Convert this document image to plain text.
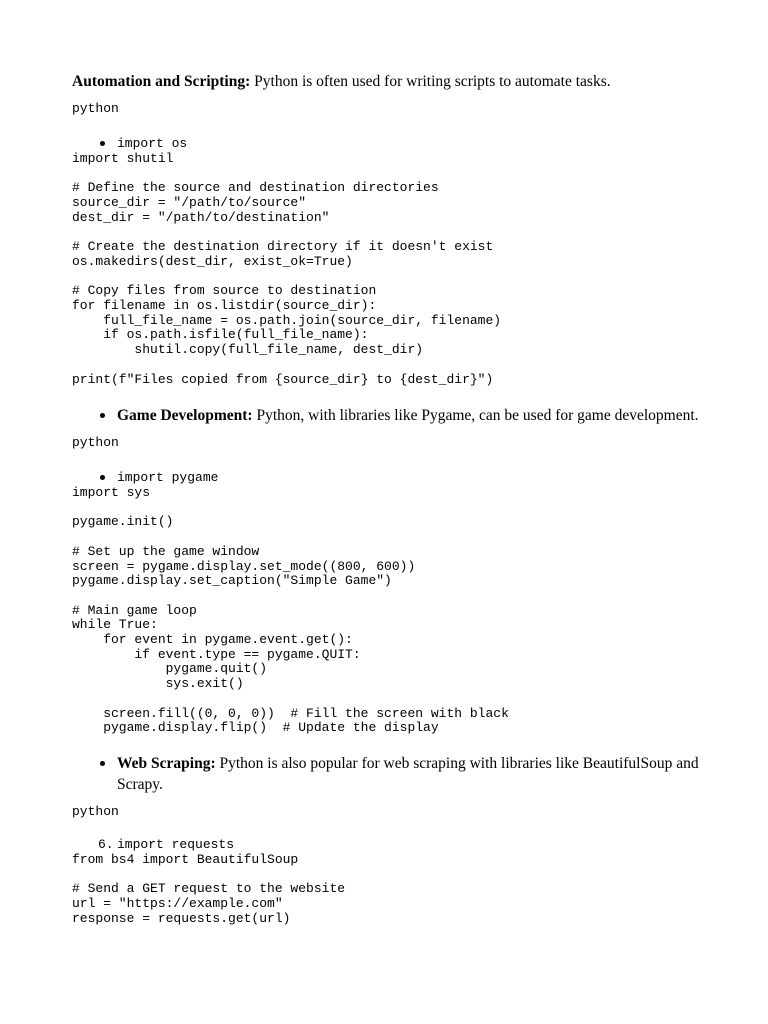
Automation and Scripting: Python is often used for writing scripts to automate tasks.
python
import os
import shutil

# Define the source and destination directories
source_dir = "/path/to/source"
dest_dir = "/path/to/destination"

# Create the destination directory if it doesn't exist
os.makedirs(dest_dir, exist_ok=True)

# Copy files from source to destination
for filename in os.listdir(source_dir):
full_file_name = os.path.join(source_dir, filename)
if os.path.isfile(full_file_name):
shutil.copy(full_file_name, dest_dir)

print(f"Files copied from {source_dir} to {dest_dir}")
Game Development: Python, with libraries like Pygame, can be used for game development.
python
import pygame
import sys

pygame.init()

# Set up the game window
screen = pygame.display.set_mode((800, 600))
pygame.display.set_caption("Simple Game")

# Main game loop
while True:
for event in pygame.event.get():
if event.type == pygame.QUIT:
pygame.quit()
sys.exit()

screen.fill((0, 0, 0))  # Fill the screen with black
pygame.display.flip()  # Update the display
Web Scraping: Python is also popular for web scraping with libraries like BeautifulSoup and Scrapy.
python
6. import requests
from bs4 import BeautifulSoup

# Send a GET request to the website
url = "https://example.com"
response = requests.get(url)
